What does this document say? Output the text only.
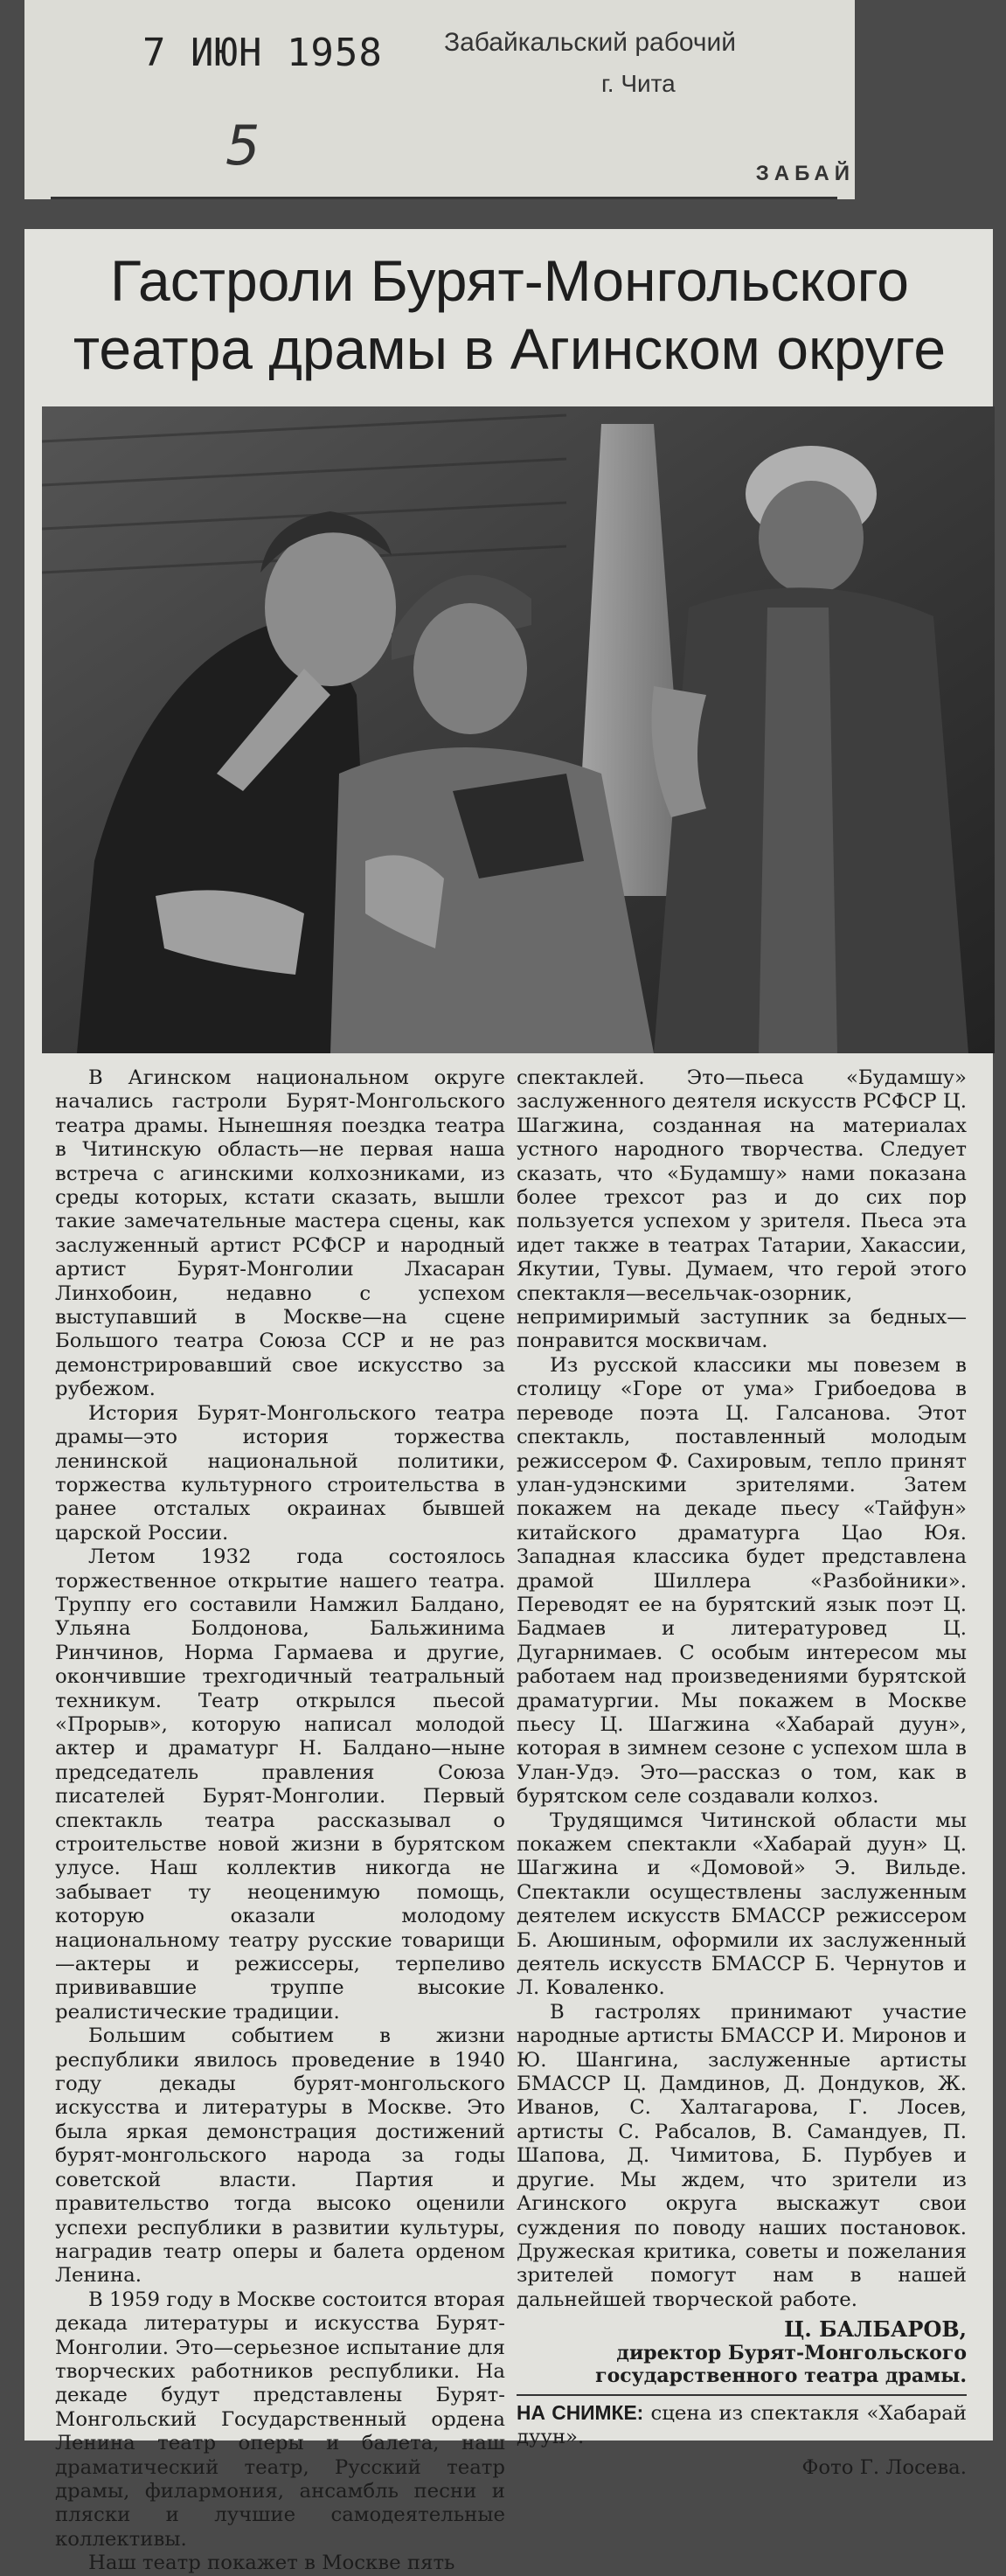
7 ИЮН 1958 Забайкальский рабочий
г. Чита
5	ЗАБАЙ
Гастроли Бурят-Монгольского
театра драмы в Агинском округе

В Агинском национальном округе начались гастроли Бурят-Монгольского театра драмы. Нынешняя поездка театра в Читинскую область—не первая наша встреча с агинскими колхозниками, из среды которых, кстати сказать, вышли такие замечательные мастера сцены, как заслуженный артист РСФСР и народный артист Бурят-Монголии Лхасаран Линхобоин, недавно с успехом выступавший в Москве—на сцене Большого театра Союза ССР и не раз демонстрировавший свое искусство за рубежом.

История Бурят-Монгольского театра драмы—это история торжества ленинской национальной политики, торжества культурного строительства в ранее отсталых окраинах бывшей царской России.

Летом 1932 года состоялось торжественное открытие нашего театра. Труппу его составили Намжил Балдано, Ульяна Болдонова, Бальжинима Ринчинов, Норма Гармаева и другие, окончившие трехгодичный театральный техникум. Театр открылся пьесой «Прорыв», которую написал молодой актер и драматург Н. Балдано—ныне председатель правления Союза писателей Бурят-Монголии. Первый спектакль театра рассказывал о строительстве новой жизни в бурятском улусе. Наш коллектив никогда не забывает ту неоценимую помощь, которую оказали молодому национальному театру русские товарищи—актеры и режиссеры, терпеливо прививавшие труппе высокие реалистические традиции.

Большим событием в жизни республики явилось проведение в 1940 году декады бурят-монгольского искусства и литературы в Москве. Это была яркая демонстрация достижений бурят-монгольского народа за годы советской власти. Партия и правительство тогда высоко оценили успехи республики в развитии культуры, наградив театр оперы и балета орденом Ленина.

В 1959 году в Москве состоится вторая декада литературы и искусства Бурят-Монголии. Это—серьезное испытание для творческих работников республики. На декаде будут представлены Бурят-Монгольский Государственный ордена Ленина театр оперы и балета, наш драматический театр, Русский театр драмы, филармония, ансамбль песни и пляски и лучшие самодеятельные коллективы.

Наш театр покажет в Москве пять

спектаклей. Это—пьеса «Будамшу» заслуженного деятеля искусств РСФСР Ц. Шагжина, созданная на материалах устного народного творчества. Следует сказать, что «Будамшу» нами показана более трехсот раз и до сих пор пользуется успехом у зрителя. Пьеса эта идет также в театрах Татарии, Хакассии, Якутии, Тувы. Думаем, что герой этого спектакля—весельчак-озорник, непримиримый заступник за бедных—понравится москвичам.

Из русской классики мы повезем в столицу «Горе от ума» Грибоедова в переводе поэта Ц. Галсанова. Этот спектакль, поставленный молодым режиссером Ф. Сахировым, тепло принят улан-удэнскими зрителями. Затем покажем на декаде пьесу «Тайфун» китайского драматурга Цао Юя. Западная классика будет представлена драмой Шиллера «Разбойники». Переводят ее на бурятский язык поэт Ц. Бадмаев и литературовед Ц. Дугарнимаев. С особым интересом мы работаем над произведениями бурятской драматургии. Мы покажем в Москве пьесу Ц. Шагжина «Хабарай дуун», которая в зимнем сезоне с успехом шла в Улан-Удэ. Это—рассказ о том, как в бурятском селе создавали колхоз.

Трудящимся Читинской области мы покажем спектакли «Хабарай дуун» Ц. Шагжина и «Домовой» Э. Вильде. Спектакли осуществлены заслуженным деятелем искусств БМАССР режиссером Б. Аюшиным, оформили их заслуженный деятель искусств БМАССР Б. Чернутов и Л. Коваленко.

В гастролях принимают участие народные артисты БМАССР И. Миронов и Ю. Шангина, заслуженные артисты БМАССР Ц. Дамдинов, Д. Дондуков, Ж. Иванов, С. Халтагарова, Г. Лосев, артисты С. Рабсалов, В. Самандуев, П. Шапова, Д. Чимитова, Б. Пурбуев и другие. Мы ждем, что зрители из Агинского округа выскажут свои суждения по поводу наших постановок. Дружеская критика, советы и пожелания зрителей помогут нам в нашей дальнейшей творческой работе.

Ц. БАЛБАРОВ,
директор Бурят-Монгольского государственного театра драмы.

НА СНИМКЕ: сцена из спектакля «Хабарай дуун».

Фото Г. Лосева.
